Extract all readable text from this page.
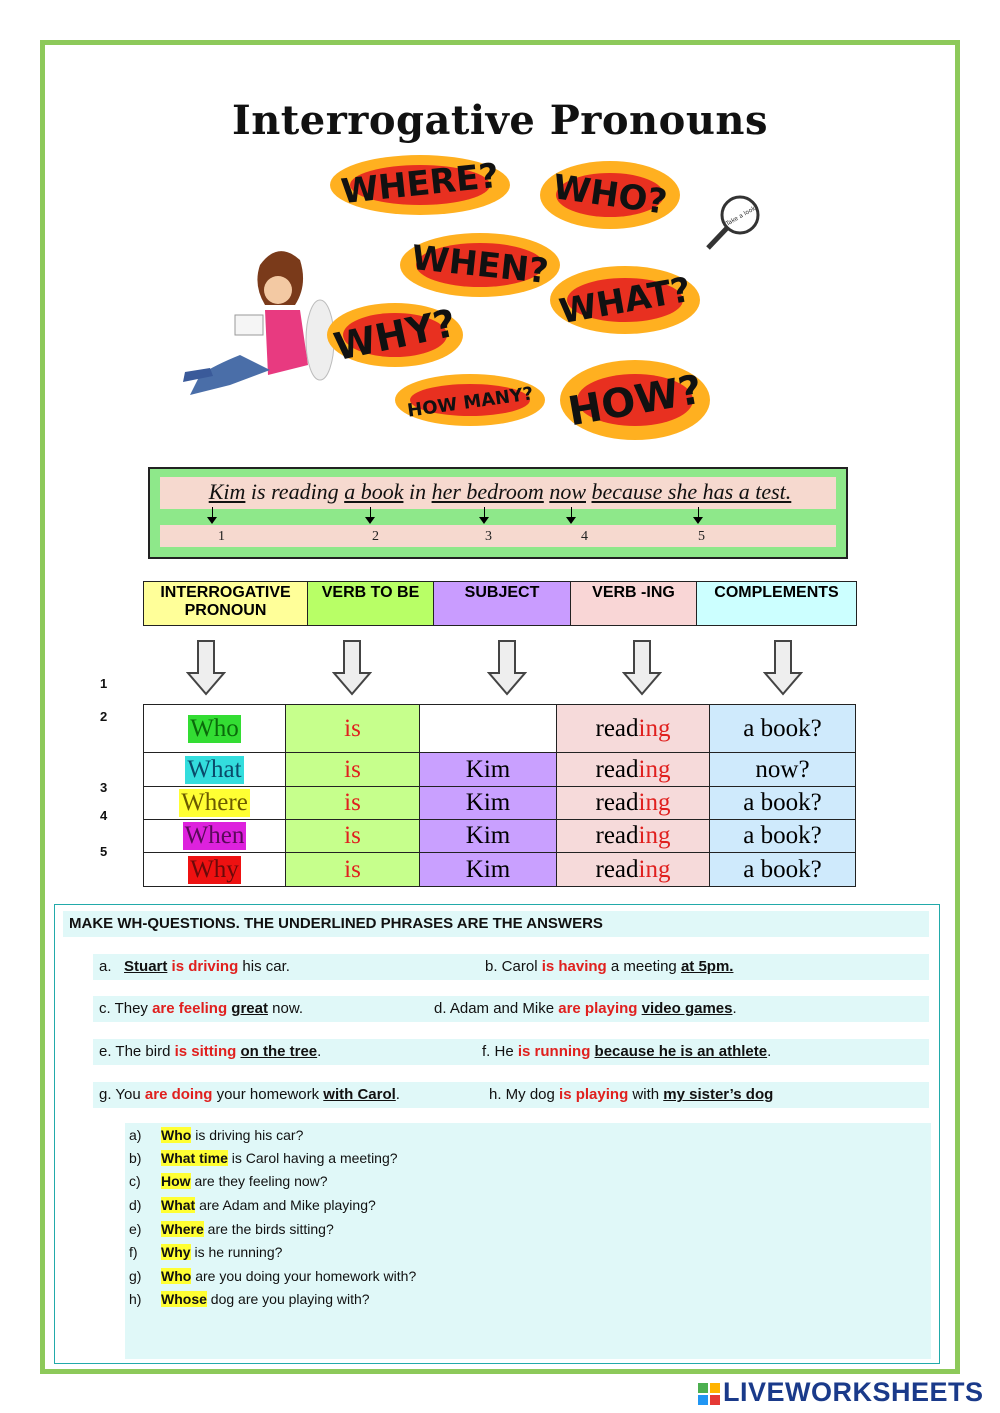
Interrogative Pronouns
WHERE? WHO?
WHEN?
WHAT?
WHY?
HOW MANY? HOW?
Take a look
Kim is reading a book in her bedroom now because she has a test.
1	2	3	4	5
INTERROGATIVE PRONOUN	VERB TO BE	SUBJECT	VERB -ING	COMPLEMENTS
1
2
3
4
5
Who	is		reading	a book?
What	is	Kim	reading	now?
Where	is	Kim	reading	a book?
When	is	Kim	reading	a book?
Why	is	Kim	reading	a book?
MAKE WH-QUESTIONS. THE UNDERLINED PHRASES ARE THE ANSWERS
a. Stuart is driving his car.	b. Carol is having a meeting at 5pm.
c. They are feeling great now.	d. Adam and Mike are playing video games.
e. The bird is sitting on the tree.	f. He is running because he is an athlete.
g. You are doing your homework with Carol.	h. My dog is playing with my sister’s dog
a) Who is driving his car?
b) What time is Carol having a meeting?
c) How are they feeling now?
d) What are Adam and Mike playing?
e) Where are the birds sitting?
f) Why is he running?
g) Who are you doing your homework with?
h) Whose dog are you playing with?
LIVEWORKSHEETS
